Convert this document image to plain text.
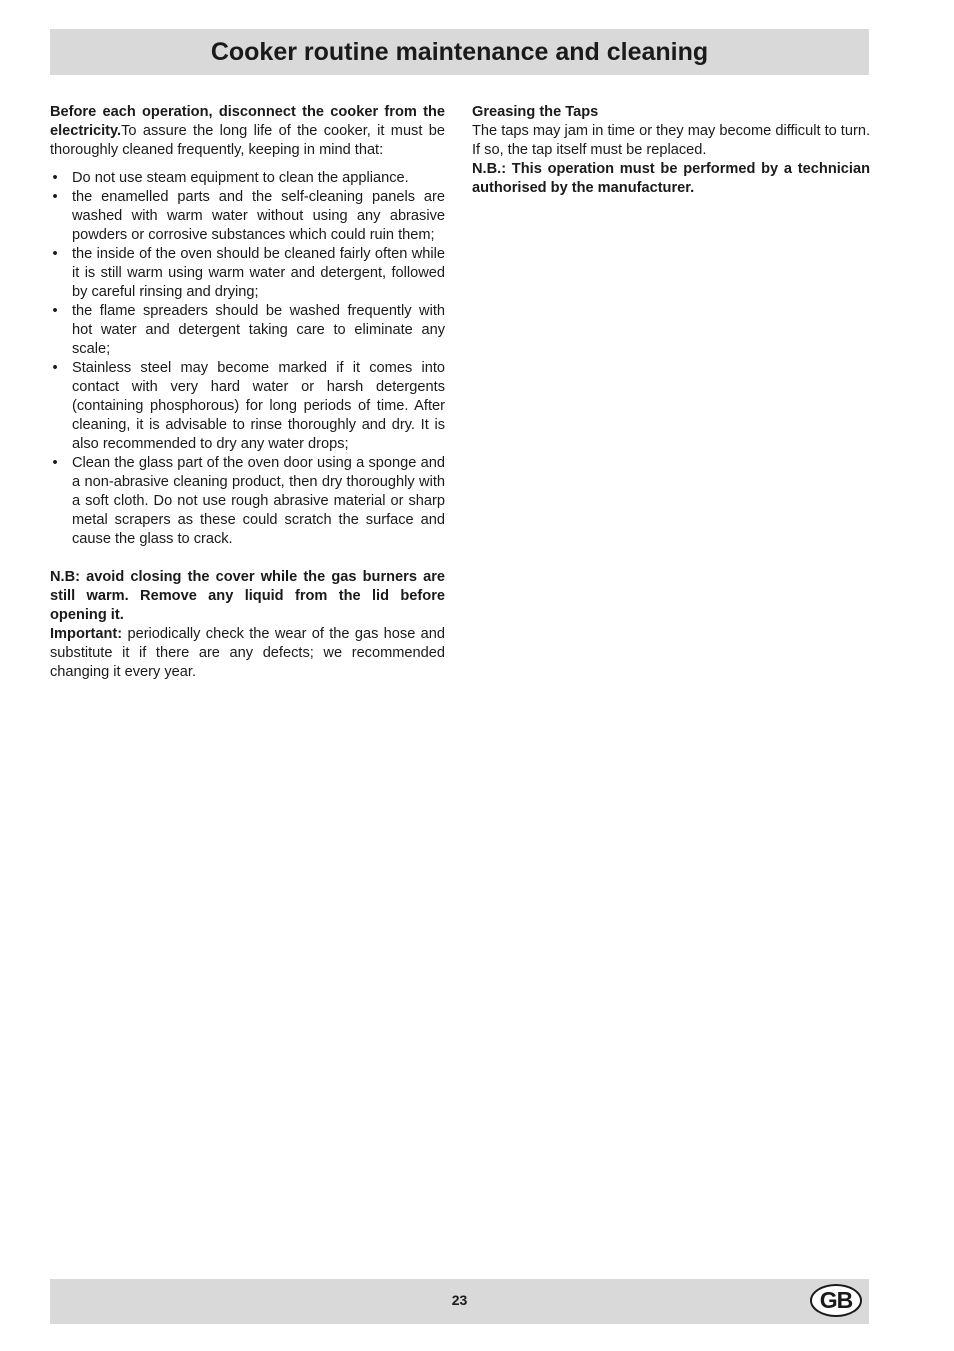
Cooker routine maintenance and cleaning

Before each operation, disconnect the cooker from the electricity.To assure the long life of the cooker, it must be thoroughly cleaned frequently, keeping in mind that:

• Do not use steam equipment to clean the appliance.
• the enamelled parts and the self-cleaning panels are washed with warm water without using any abrasive powders or corrosive substances which could ruin them;
• the inside of the oven should be cleaned fairly often while it is still warm using warm water and detergent, followed by careful rinsing and drying;
• the flame spreaders should be washed frequently with hot water and detergent taking care to eliminate any scale;
• Stainless steel may become marked if it comes into contact with very hard water or harsh detergents (containing phosphorous) for long periods of time. After cleaning, it is advisable to rinse thoroughly and dry. It is also recommended to dry any water drops;
• Clean the glass part of the oven door using a sponge and a non-abrasive cleaning product, then dry thoroughly with a soft cloth. Do not use rough abrasive material or sharp metal scrapers as these could scratch the surface and cause the glass to crack.

N.B: avoid closing the cover while the gas burners are still warm. Remove any liquid from the lid before opening it.

Important: periodically check the wear of the gas hose and substitute it if there are any defects; we recommended changing it every year.

Greasing the Taps

The taps may jam in time or they may become difficult to turn. If so, the tap itself must be replaced.

N.B.: This operation must be performed by a technician authorised by the manufacturer.

23	GB
